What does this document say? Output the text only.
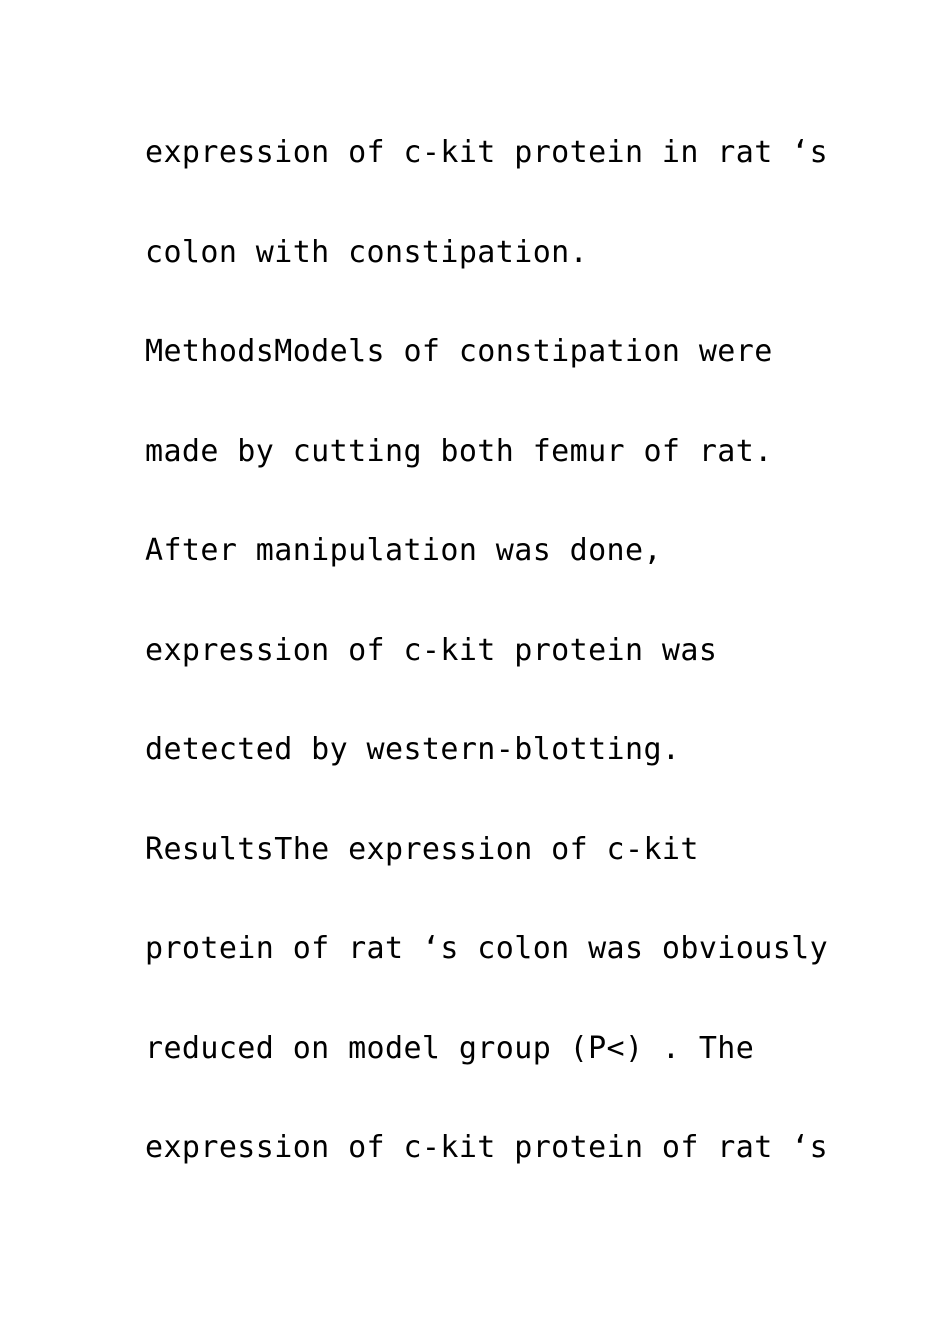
expression of c-kit protein in rat ‘s
colon with constipation.
MethodsModels of constipation were
made by cutting both femur of rat.
After manipulation was done,
expression of c-kit protein was
detected by western-blotting.
ResultsThe expression of c-kit
protein of rat ‘s colon was obviously
reduced on model group (P<) . The
expression of c-kit protein of rat ‘s
